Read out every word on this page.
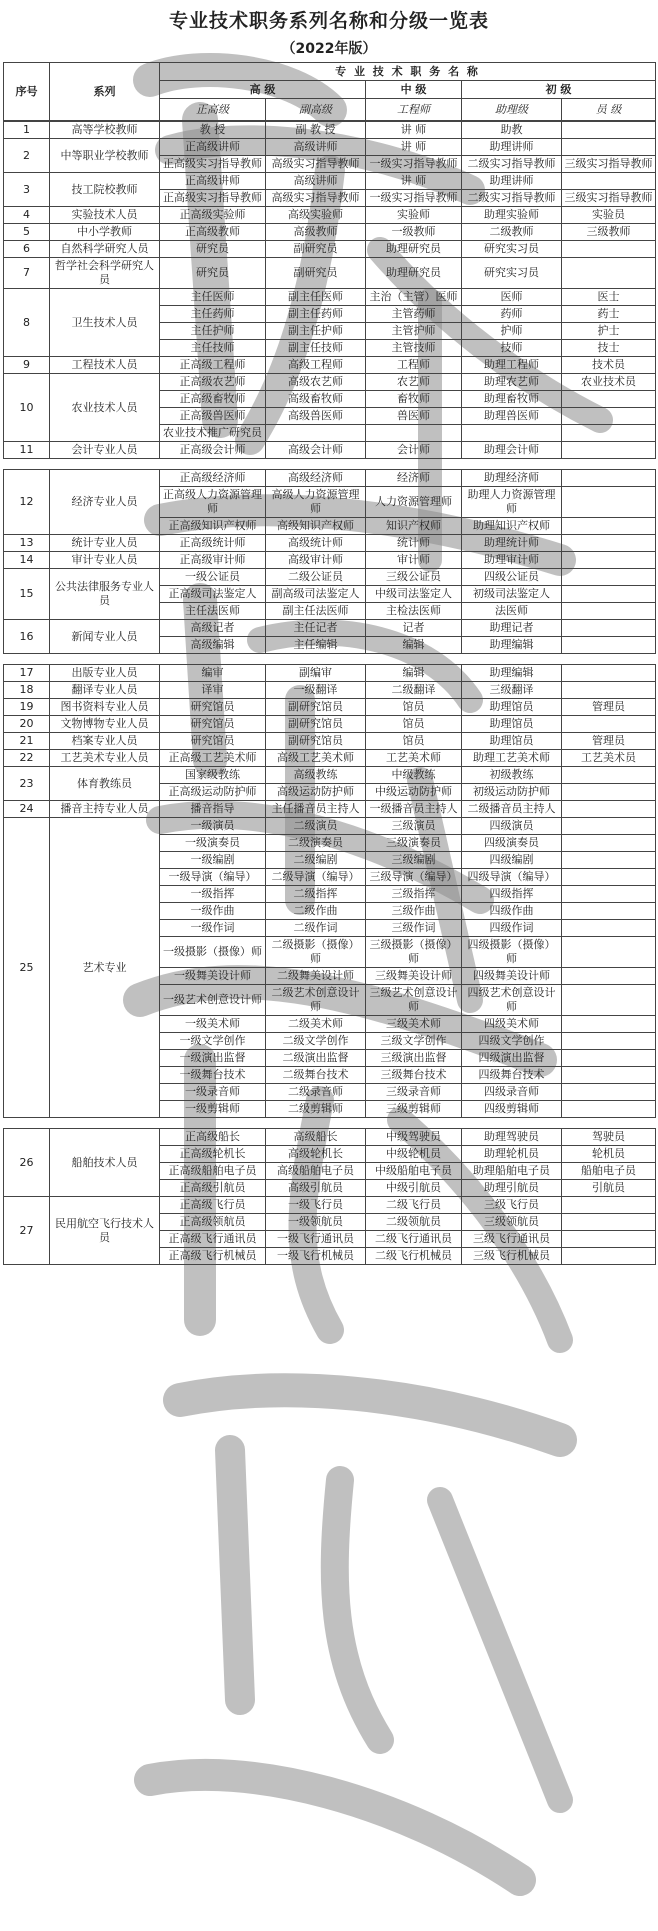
专业技术职务系列名称和分级一览表
（2022年版）
序号	系列	专 业 技 术 职 务 名 称				
		高 级		中 级	初 级	
		正高级	副高级	工程师	助理级	员 级
1	高等学校教师	教 授	副 教 授	讲 师	助教	
2	中等职业学校教师	正高级讲师	高级讲师	讲 师	助理讲师	
		正高级实习指导教师	高级实习指导教师	一级实习指导教师	二级实习指导教师	三级实习指导教师
3	技工院校教师	正高级讲师	高级讲师	讲 师	助理讲师	
		正高级实习指导教师	高级实习指导教师	一级实习指导教师	二级实习指导教师	三级实习指导教师
4	实验技术人员	正高级实验师	高级实验师	实验师	助理实验师	实验员
5	中小学教师	正高级教师	高级教师	一级教师	二级教师	三级教师
6	自然科学研究人员	研究员	副研究员	助理研究员	研究实习员	
7	哲学社会科学研究人员	研究员	副研究员	助理研究员	研究实习员	
8	卫生技术人员	主任医师	副主任医师	主治（主管）医师	医师	医士
		主任药师	副主任药师	主管药师	药师	药士
		主任护师	副主任护师	主管护师	护师	护士
		主任技师	副主任技师	主管技师	技师	技士
9	工程技术人员	正高级工程师	高级工程师	工程师	助理工程师	技术员
10	农业技术人员	正高级农艺师	高级农艺师	农艺师	助理农艺师	农业技术员
		正高级畜牧师	高级畜牧师	畜牧师	助理畜牧师	
		正高级兽医师	高级兽医师	兽医师	助理兽医师	
		农业技术推广研究员				
11	会计专业人员	正高级会计师	高级会计师	会计师	助理会计师	
12	经济专业人员	正高级经济师	高级经济师	经济师	助理经济师	
		正高级人力资源管理师	高级人力资源管理师	人力资源管理师	助理人力资源管理师	
		正高级知识产权师	高级知识产权师	知识产权师	助理知识产权师	
13	统计专业人员	正高级统计师	高级统计师	统计师	助理统计师	
14	审计专业人员	正高级审计师	高级审计师	审计师	助理审计师	
15	公共法律服务专业人员	一级公证员	二级公证员	三级公证员	四级公证员	
		正高级司法鉴定人	副高级司法鉴定人	中级司法鉴定人	初级司法鉴定人	
		主任法医师	副主任法医师	主检法医师	法医师	
16	新闻专业人员	高级记者	主任记者	记者	助理记者	
		高级编辑	主任编辑	编辑	助理编辑	
17	出版专业人员	编审	副编审	编辑	助理编辑	
18	翻译专业人员	译审	一级翻译	二级翻译	三级翻译	
19	图书资料专业人员	研究馆员	副研究馆员	馆员	助理馆员	管理员
20	文物博物专业人员	研究馆员	副研究馆员	馆员	助理馆员	
21	档案专业人员	研究馆员	副研究馆员	馆员	助理馆员	管理员
22	工艺美术专业人员	正高级工艺美术师	高级工艺美术师	工艺美术师	助理工艺美术师	工艺美术员
23	体育教练员	国家级教练	高级教练	中级教练	初级教练	
		正高级运动防护师	高级运动防护师	中级运动防护师	初级运动防护师	
24	播音主持专业人员	播音指导	主任播音员主持人	一级播音员主持人	二级播音员主持人	
25	艺术专业	一级演员	二级演员	三级演员	四级演员	
		一级演奏员	二级演奏员	三级演奏员	四级演奏员	
		一级编剧	二级编剧	三级编剧	四级编剧	
		一级导演（编导）	二级导演（编导）	三级导演（编导）	四级导演（编导）	
		一级指挥	二级指挥	三级指挥	四级指挥	
		一级作曲	二级作曲	三级作曲	四级作曲	
		一级作词	二级作词	三级作词	四级作词	
		一级摄影（摄像）师	二级摄影（摄像）师	三级摄影（摄像）师	四级摄影（摄像）师	
		一级舞美设计师	二级舞美设计师	三级舞美设计师	四级舞美设计师	
		一级艺术创意设计师	二级艺术创意设计师	三级艺术创意设计师	四级艺术创意设计师	
		一级美术师	二级美术师	三级美术师	四级美术师	
		一级文学创作	二级文学创作	三级文学创作	四级文学创作	
		一级演出监督	二级演出监督	三级演出监督	四级演出监督	
		一级舞台技术	二级舞台技术	三级舞台技术	四级舞台技术	
		一级录音师	二级录音师	三级录音师	四级录音师	
		一级剪辑师	二级剪辑师	三级剪辑师	四级剪辑师	
26	船舶技术人员	正高级船长	高级船长	中级驾驶员	助理驾驶员	驾驶员
		正高级轮机长	高级轮机长	中级轮机员	助理轮机员	轮机员
		正高级船舶电子员	高级船舶电子员	中级船舶电子员	助理船舶电子员	船舶电子员
		正高级引航员	高级引航员	中级引航员	助理引航员	引航员
27	民用航空飞行技术人员	正高级飞行员	一级飞行员	二级飞行员	三级飞行员	
		正高级领航员	一级领航员	二级领航员	三级领航员	
		正高级飞行通讯员	一级飞行通讯员	二级飞行通讯员	三级飞行通讯员	
		正高级飞行机械员	一级飞行机械员	二级飞行机械员	三级飞行机械员	
